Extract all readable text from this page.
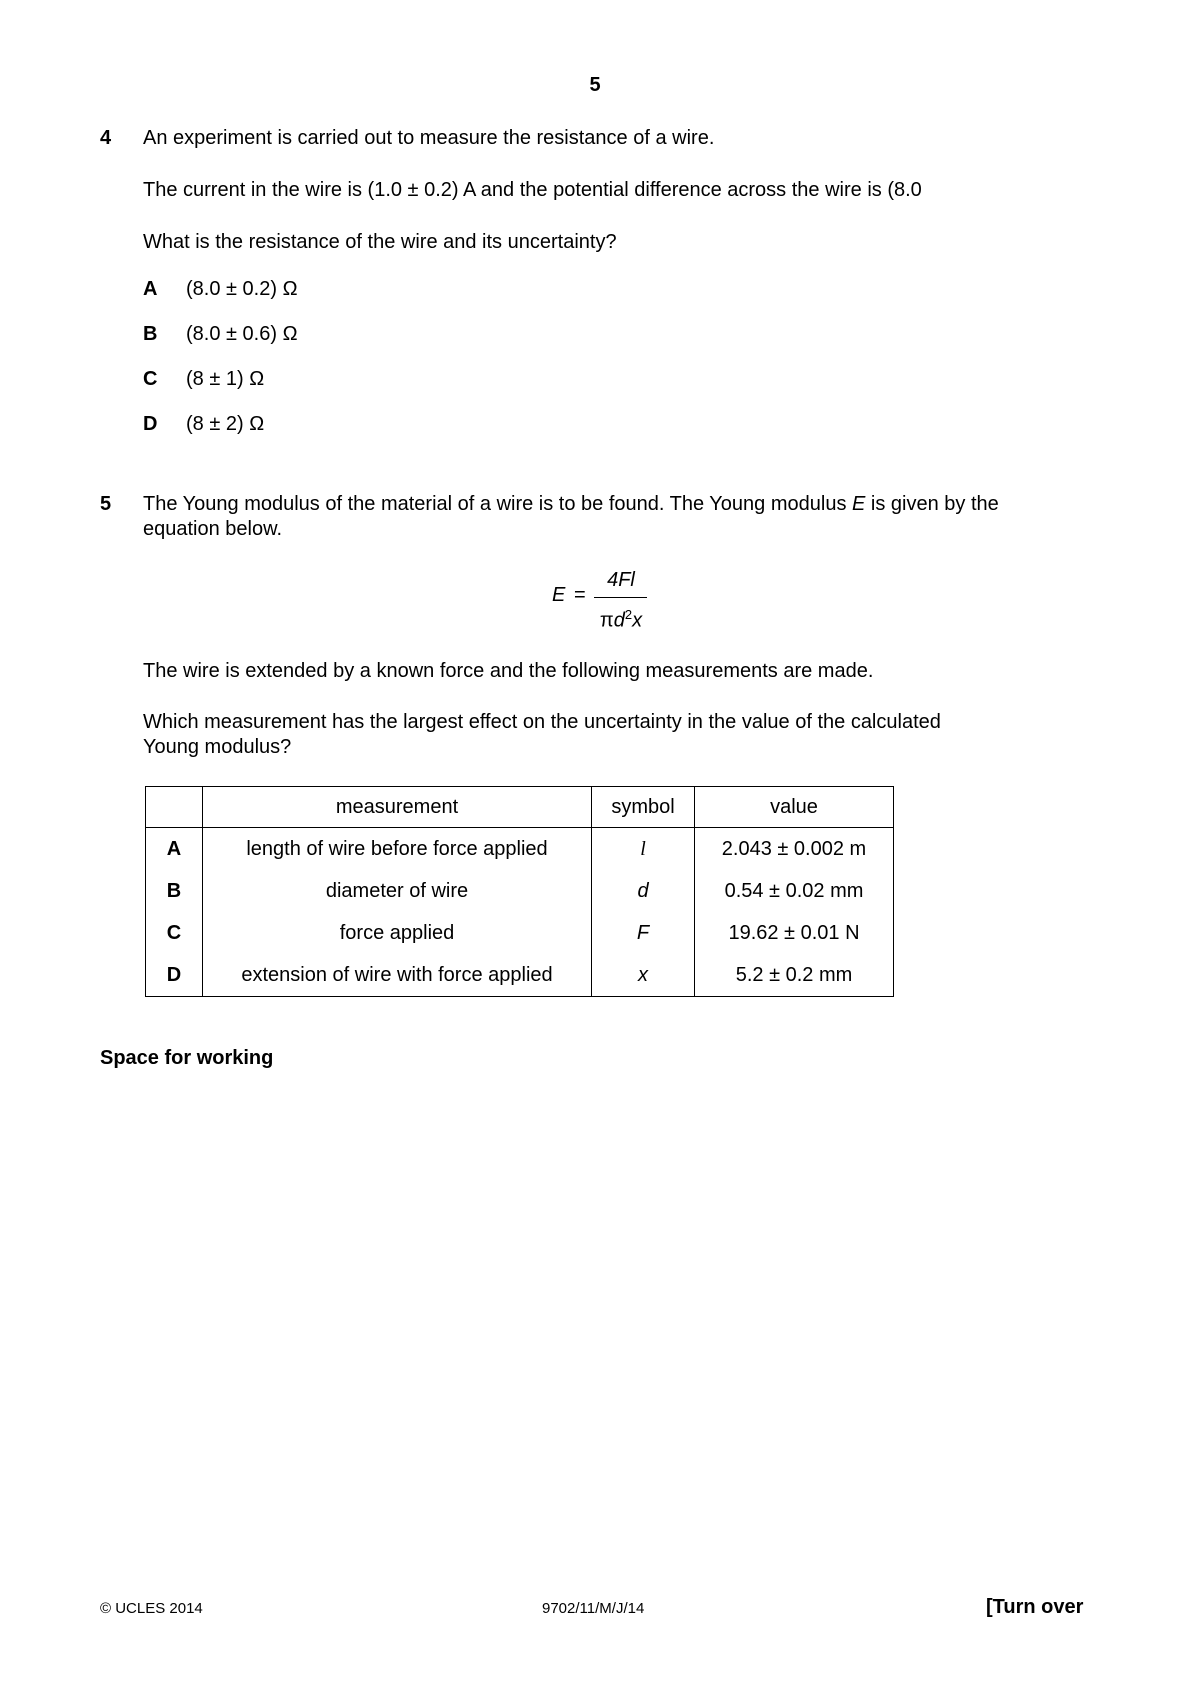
5
4 An experiment is carried out to measure the resistance of a wire.
The current in the wire is (1.0 ± 0.2) A and the potential difference across the wire is (8.0
What is the resistance of the wire and its uncertainty?
A (8.0 ± 0.2) Ω
B (8.0 ± 0.6) Ω
C (8 ± 1) Ω
D (8 ± 2) Ω
5 The Young modulus of the material of a wire is to be found. The Young modulus E is given by the
equation below.
E =
4Fl
$\pi d^2x$
The wire is extended by a known force and the following measurements are made.
Which measurement has the largest effect on the uncertainty in the value of the calculated
Young modulus?
	measurement	symbol	value
A	length of wire before force applied	l	2.043 ± 0.002 m
B	diameter of wire	d	0.54 ± 0.02 mm
C	force applied	F	19.62 ± 0.01 N
D	extension of wire with force applied	x	5.2 ± 0.2 mm
Space for working
© UCLES 2014	9702/11/M/J/14	[Turn over
